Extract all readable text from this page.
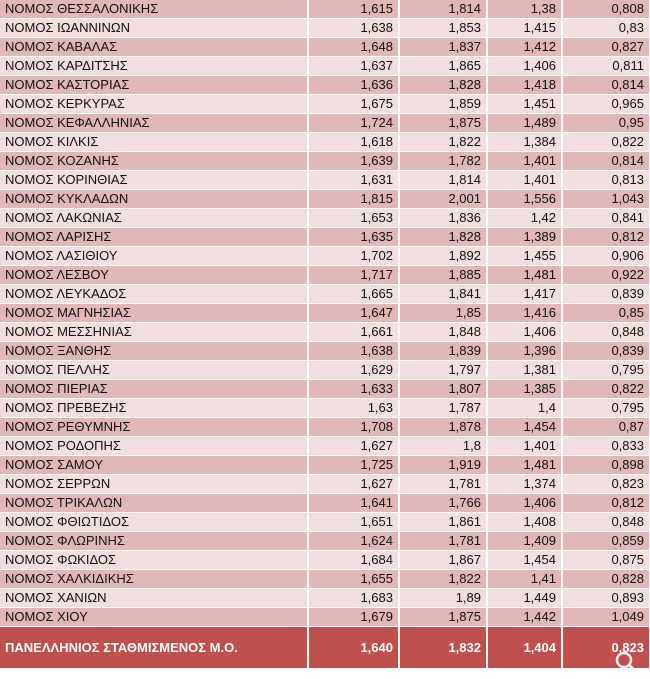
ΝΟΜΟΣ ΘΕΣΣΑΛΟΝΙΚΗΣ	1,615	1,814	1,38	0,808
ΝΟΜΟΣ ΙΩΑΝΝΙΝΩΝ	1,638	1,853	1,415	0,83
ΝΟΜΟΣ ΚΑΒΑΛΑΣ	1,648	1,837	1,412	0,827
ΝΟΜΟΣ ΚΑΡΔΙΤΣΗΣ	1,637	1,865	1,406	0,811
ΝΟΜΟΣ ΚΑΣΤΟΡΙΑΣ	1,636	1,828	1,418	0,814
ΝΟΜΟΣ ΚΕΡΚΥΡΑΣ	1,675	1,859	1,451	0,965
ΝΟΜΟΣ ΚΕΦΑΛΛΗΝΙΑΣ	1,724	1,875	1,489	0,95
ΝΟΜΟΣ ΚΙΛΚΙΣ	1,618	1,822	1,384	0,822
ΝΟΜΟΣ ΚΟΖΑΝΗΣ	1,639	1,782	1,401	0,814
ΝΟΜΟΣ ΚΟΡΙΝΘΙΑΣ	1,631	1,814	1,401	0,813
ΝΟΜΟΣ ΚΥΚΛΑΔΩΝ	1,815	2,001	1,556	1,043
ΝΟΜΟΣ ΛΑΚΩΝΙΑΣ	1,653	1,836	1,42	0,841
ΝΟΜΟΣ ΛΑΡΙΣΗΣ	1,635	1,828	1,389	0,812
ΝΟΜΟΣ ΛΑΣΙΘΙΟΥ	1,702	1,892	1,455	0,906
ΝΟΜΟΣ ΛΕΣΒΟΥ	1,717	1,885	1,481	0,922
ΝΟΜΟΣ ΛΕΥΚΑΔΟΣ	1,665	1,841	1,417	0,839
ΝΟΜΟΣ ΜΑΓΝΗΣΙΑΣ	1,647	1,85	1,416	0,85
ΝΟΜΟΣ ΜΕΣΣΗΝΙΑΣ	1,661	1,848	1,406	0,848
ΝΟΜΟΣ ΞΑΝΘΗΣ	1,638	1,839	1,396	0,839
ΝΟΜΟΣ ΠΕΛΛΗΣ	1,629	1,797	1,381	0,795
ΝΟΜΟΣ ΠΙΕΡΙΑΣ	1,633	1,807	1,385	0,822
ΝΟΜΟΣ ΠΡΕΒΕΖΗΣ	1,63	1,787	1,4	0,795
ΝΟΜΟΣ ΡΕΘΥΜΝΗΣ	1,708	1,878	1,454	0,87
ΝΟΜΟΣ ΡΟΔΟΠΗΣ	1,627	1,8	1,401	0,833
ΝΟΜΟΣ ΣΑΜΟΥ	1,725	1,919	1,481	0,898
ΝΟΜΟΣ ΣΕΡΡΩΝ	1,627	1,781	1,374	0,823
ΝΟΜΟΣ ΤΡΙΚΑΛΩΝ	1,641	1,766	1,406	0,812
ΝΟΜΟΣ ΦΘΙΩΤΙΔΟΣ	1,651	1,861	1,408	0,848
ΝΟΜΟΣ ΦΛΩΡΙΝΗΣ	1,624	1,781	1,409	0,859
ΝΟΜΟΣ ΦΩΚΙΔΟΣ	1,684	1,867	1,454	0,875
ΝΟΜΟΣ ΧΑΛΚΙΔΙΚΗΣ	1,655	1,822	1,41	0,828
ΝΟΜΟΣ ΧΑΝΙΩΝ	1,683	1,89	1,449	0,893
ΝΟΜΟΣ ΧΙΟΥ	1,679	1,875	1,442	1,049
ΠΑΝΕΛΛΗΝΙΟΣ ΣΤΑΘΜΙΣΜΕΝΟΣ Μ.Ο.	1,640	1,832	1,404	0,823
